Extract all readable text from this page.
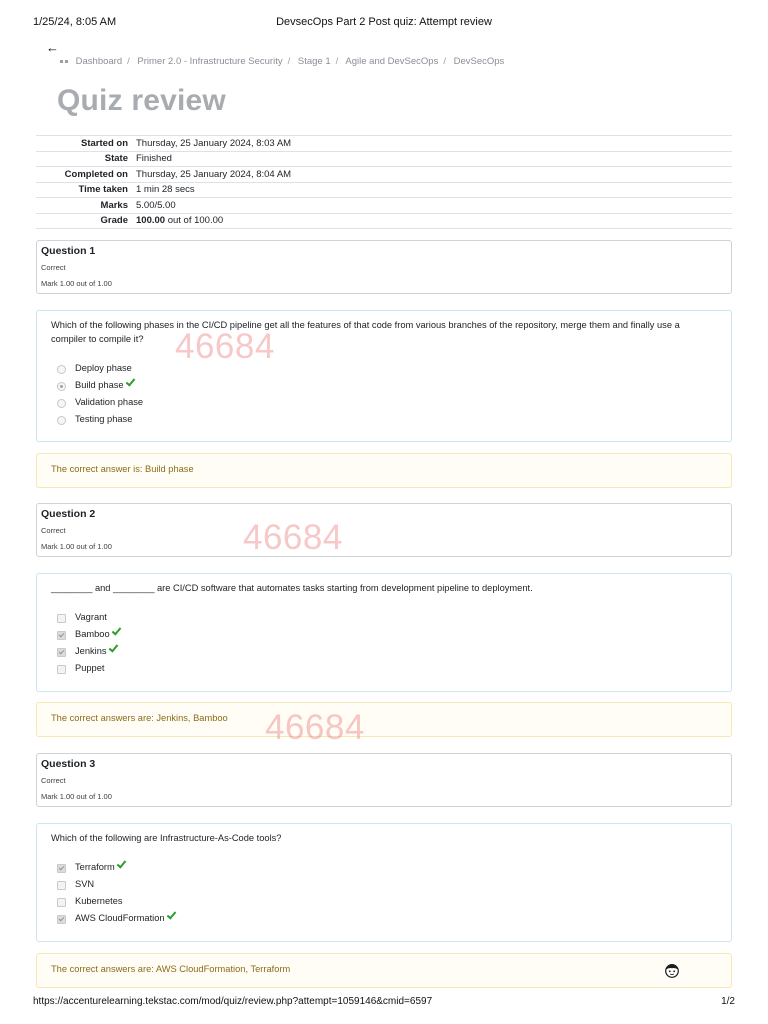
1/25/24, 8:05 AM	DevsecOps Part 2 Post quiz: Attempt review
←
Dashboard / Primer 2.0 - Infrastructure Security / Stage 1 / Agile and DevSecOps / DevSecOps
Quiz review
Started on	Thursday, 25 January 2024, 8:03 AM
State	Finished
Completed on	Thursday, 25 January 2024, 8:04 AM
Time taken	1 min 28 secs
Marks	5.00/5.00
Grade	100.00 out of 100.00
Question 1
Correct
Mark 1.00 out of 1.00
Which of the following phases in the CI/CD pipeline get all the features of that code from various branches of the repository, merge them and finally use a compiler to compile it?
Deploy phase
Build phase
Validation phase
Testing phase
The correct answer is: Build phase
Question 2
Correct
Mark 1.00 out of 1.00
________ and ________ are CI/CD software that automates tasks starting from development pipeline to deployment.
Vagrant
Bamboo
Jenkins
Puppet
The correct answers are: Jenkins, Bamboo
Question 3
Correct
Mark 1.00 out of 1.00
Which of the following are Infrastructure-As-Code tools?
Terraform
SVN
Kubernetes
AWS CloudFormation
The correct answers are: AWS CloudFormation, Terraform
46684
46684
46684
https://accenturelearning.tekstac.com/mod/quiz/review.php?attempt=1059146&cmid=6597	1/2
